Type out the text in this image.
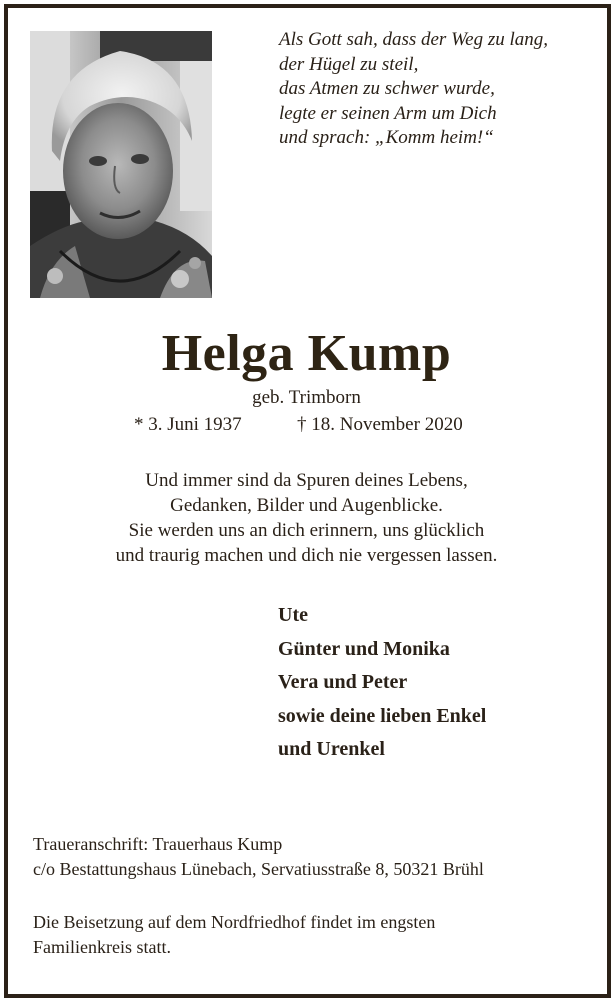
Als Gott sah, dass der Weg zu lang,
der Hügel zu steil,
das Atmen zu schwer wurde,
legte er seinen Arm um Dich
und sprach: „Komm heim!“
Helga Kump
geb. Trimborn
* 3. Juni 1937	† 18. November 2020
Und immer sind da Spuren deines Lebens,
Gedanken, Bilder und Augenblicke.
Sie werden uns an dich erinnern, uns glücklich
und traurig machen und dich nie vergessen lassen.
Ute
Günter und Monika
Vera und Peter
sowie deine lieben Enkel
und Urenkel
Traueranschrift: Trauerhaus Kump
c/o Bestattungshaus Lünebach, Servatiusstraße 8, 50321 Brühl
Die Beisetzung auf dem Nordfriedhof findet im engsten
Familienkreis statt.
